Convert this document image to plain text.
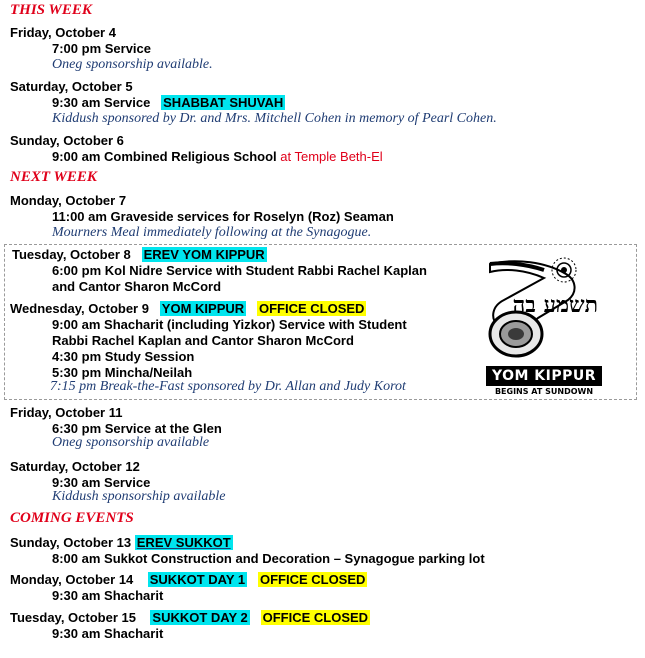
THIS WEEK
Friday, October 4
7:00 pm Service
Oneg sponsorship available.
Saturday, October 5
9:30 am Service SHABBAT SHUVAH
Kiddush sponsored by Dr. and Mrs. Mitchell Cohen in memory of Pearl Cohen.
Sunday, October 6
9:00 am Combined Religious School at Temple Beth-El
NEXT WEEK
Monday, October 7
11:00 am Graveside services for Roselyn (Roz) Seaman
Mourners Meal immediately following at the Synagogue.
Tuesday, October 8 EREV YOM KIPPUR
6:00 pm Kol Nidre Service with Student Rabbi Rachel Kaplan
and Cantor Sharon McCord
Wednesday, October 9 YOM KIPPUR OFFICE CLOSED
9:00 am Shacharit (including Yizkor) Service with Student
Rabbi Rachel Kaplan and Cantor Sharon McCord
4:30 pm Study Session
5:30 pm Mincha/Neilah
7:15 pm Break-the-Fast sponsored by Dr. Allan and Judy Korot
תשמע בה
YOM KIPPUR
BEGINS AT SUNDOWN
Friday, October 11
6:30 pm Service at the Glen
Oneg sponsorship available
Saturday, October 12
9:30 am Service
Kiddush sponsorship available
COMING EVENTS
Sunday, October 13 EREV SUKKOT
8:00 am Sukkot Construction and Decoration – Synagogue parking lot
Monday, October 14 SUKKOT DAY 1 OFFICE CLOSED
9:30 am Shacharit
Tuesday, October 15 SUKKOT DAY 2 OFFICE CLOSED
9:30 am Shacharit
